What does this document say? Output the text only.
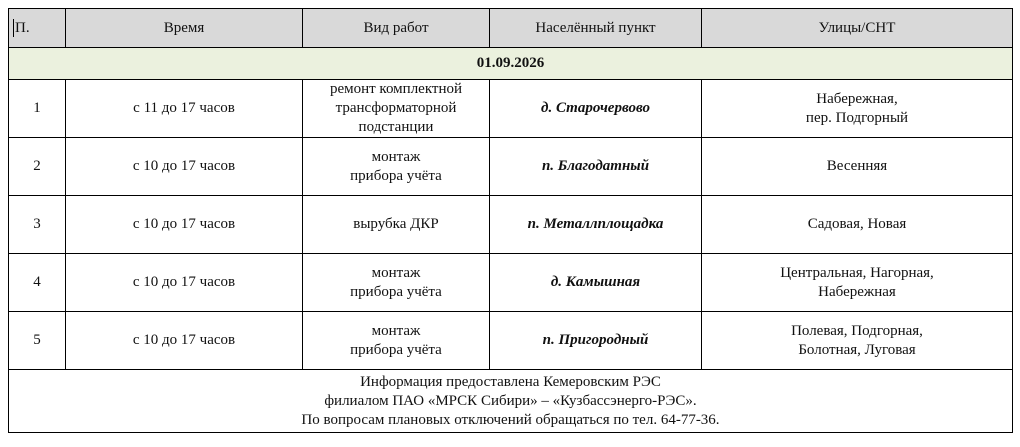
П.	Время	Вид работ	Населённый пункт	Улицы/СНТ
01.09.2026				
1	с 11 до 17 часов	ремонт комплектной
трансформаторной
подстанции	д. Старочервово	Набережная,
пер. Подгорный

2	с 10 до 17 часов	монтаж
прибора учёта	п. Благодатный	Весенняя

3	с 10 до 17 часов	вырубка ДКР	п. Металлплощадка	Садовая, Новая

4	с 10 до 17 часов	монтаж
прибора учёта	д. Камышная	Центральная, Нагорная,
Набережная

5	с 10 до 17 часов	монтаж
прибора учёта	п. Пригородный	Полевая, Подгорная,
Болотная, Луговая

Информация предоставлена Кемеровским РЭС
филиалом ПАО «МРСК Сибири» – «Кузбассэнерго-РЭС».
По вопросам плановых отключений обращаться по тел. 64-77-36.				
